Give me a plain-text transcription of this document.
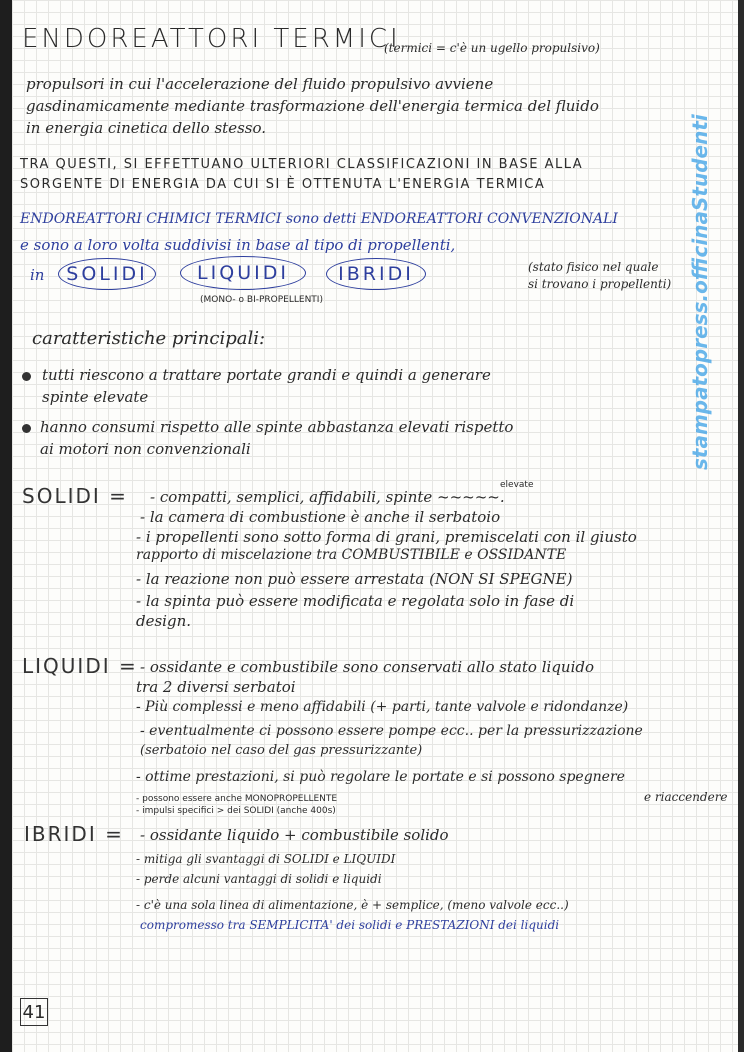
ENDOREATTORI TERMICI
(termici = c'è un ugello propulsivo)
propulsori in cui l'accelerazione del fluido propulsivo avviene
gasdinamicamente mediante trasformazione dell'energia termica del fluido
in energia cinetica dello stesso.
TRA QUESTI, SI EFFETTUANO ULTERIORI CLASSIFICAZIONI IN BASE ALLA
SORGENTE DI ENERGIA DA CUI SI È OTTENUTA L'ENERGIA TERMICA
ENDOREATTORI CHIMICI TERMICI sono detti ENDOREATTORI CONVENZIONALI
e sono a loro volta suddivisi in base al tipo di propellenti,
in	SOLIDI	LIQUIDI	IBRIDI
(MONO- o BI-PROPELLENTI)
(stato fisico nel quale
si trovano i propellenti)
caratteristiche principali:
tutti riescono a trattare portate grandi e quindi a generare
spinte elevate
hanno consumi rispetto alle spinte abbastanza elevati rispetto
ai motori non convenzionali
SOLIDI =	elevate
- compatti, semplici, affidabili, spinte ~~~~~.
- la camera di combustione è anche il serbatoio
- i propellenti sono sotto forma di grani, premiscelati con il giusto
rapporto di miscelazione tra COMBUSTIBILE e OSSIDANTE
- la reazione non può essere arrestata (NON SI SPEGNE)
- la spinta può essere modificata e regolata solo in fase di
design.
LIQUIDI = - ossidante e combustibile sono conservati allo stato liquido
tra 2 diversi serbatoi
- Più complessi e meno affidabili (+ parti, tante valvole e ridondanze)
- eventualmente ci possono essere pompe ecc.. per la pressurizzazione
(serbatoio nel caso del gas pressurizzante)
- ottime prestazioni, si può regolare le portate e si possono spegnere
e riaccendere
- possono essere anche MONOPROPELLENTE
- impulsi specifici > dei SOLIDI (anche 400s)
IBRIDI = - ossidante liquido + combustibile solido
- mitiga gli svantaggi di SOLIDI e LIQUIDI
- perde alcuni vantaggi di solidi e liquidi
- c'è una sola linea di alimentazione, è + semplice, (meno valvole ecc..)
compromesso tra SEMPLICITA' dei solidi e PRESTAZIONI dei liquidi
stampatopress.officinaStudenti
41
